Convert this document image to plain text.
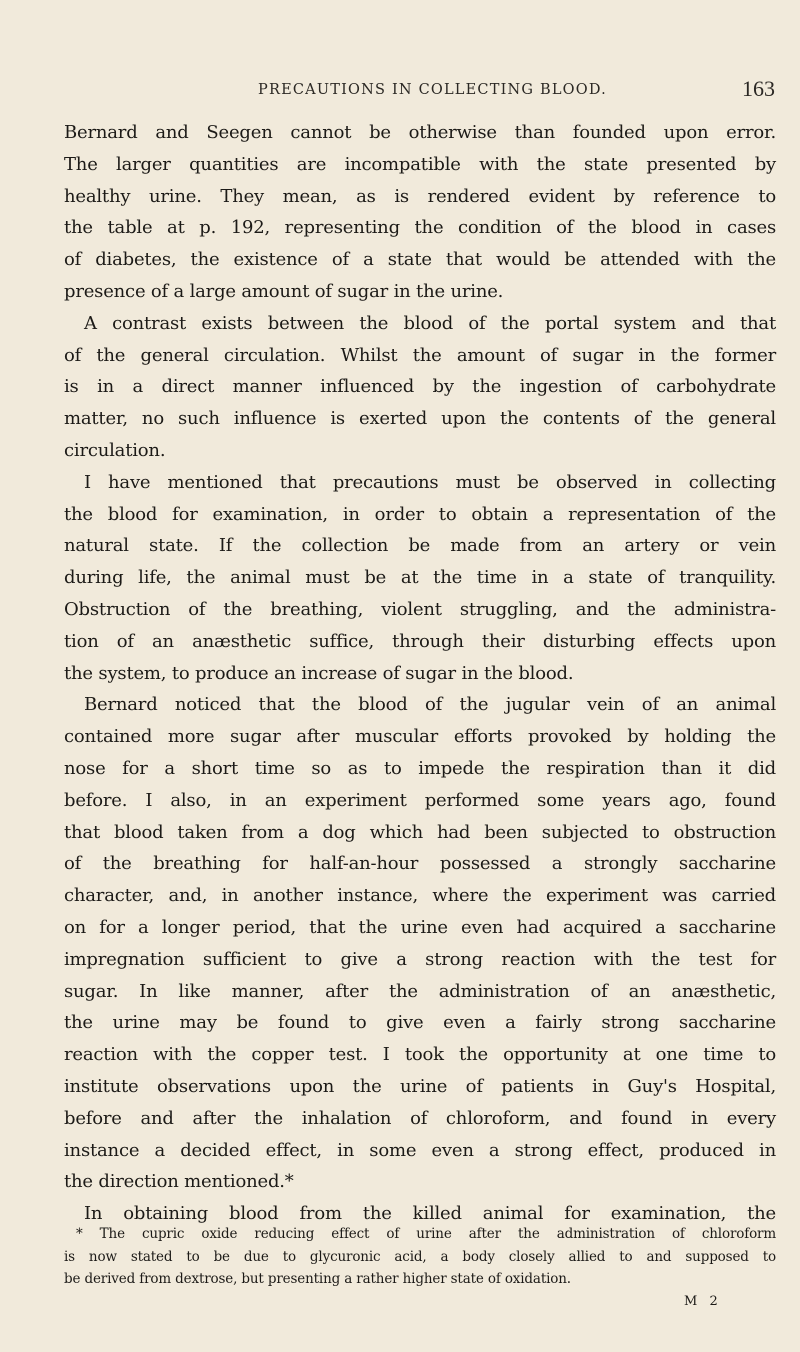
PRECAUTIONS IN COLLECTING BLOOD.	163
Bernard and Seegen cannot be otherwise than founded upon error.
The larger quantities are incompatible with the state presented by
healthy urine. They mean, as is rendered evident by reference to
the table at p. 192, representing the condition of the blood in cases
of diabetes, the existence of a state that would be attended with the
presence of a large amount of sugar in the urine.
A contrast exists between the blood of the portal system and that
of the general circulation. Whilst the amount of sugar in the former
is in a direct manner influenced by the ingestion of carbohydrate
matter, no such influence is exerted upon the contents of the general
circulation.
I have mentioned that precautions must be observed in collecting
the blood for examination, in order to obtain a representation of the
natural state. If the collection be made from an artery or vein
during life, the animal must be at the time in a state of tranquility.
Obstruction of the breathing, violent struggling, and the administra-
tion of an anæsthetic suffice, through their disturbing effects upon
the system, to produce an increase of sugar in the blood.
Bernard noticed that the blood of the jugular vein of an animal
contained more sugar after muscular efforts provoked by holding the
nose for a short time so as to impede the respiration than it did
before. I also, in an experiment performed some years ago, found
that blood taken from a dog which had been subjected to obstruction
of the breathing for half-an-hour possessed a strongly saccharine
character, and, in another instance, where the experiment was carried
on for a longer period, that the urine even had acquired a saccharine
impregnation sufficient to give a strong reaction with the test for
sugar. In like manner, after the administration of an anæsthetic,
the urine may be found to give even a fairly strong saccharine
reaction with the copper test. I took the opportunity at one time to
institute observations upon the urine of patients in Guy's Hospital,
before and after the inhalation of chloroform, and found in every
instance a decided effect, in some even a strong effect, produced in
the direction mentioned.*
In obtaining blood from the killed animal for examination, the
* The cupric oxide reducing effect of urine after the administration of chloroform
is now stated to be due to glycuronic acid, a body closely allied to and supposed to
be derived from dextrose, but presenting a rather higher state of oxidation.
M 2
